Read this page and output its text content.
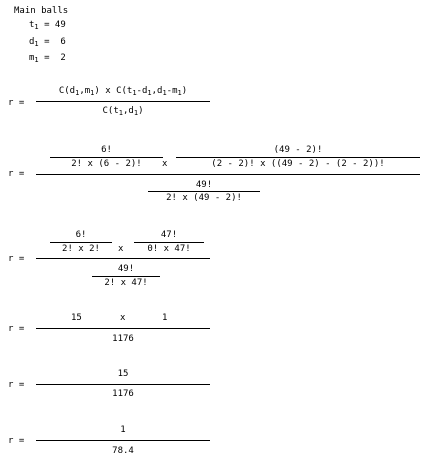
Main balls
$t_1 = 49$
$d_1 = 6$
$m_1 = 2$
r =
$C(d_1,m_1)$ x $C(t_1-d_1,d_1-m_1)$
$C(t_1,d_1)$
r =
6!
2! x (6 - 2)!	x
(49 - 2)!
(2 - 2)! x ((49 - 2) - (2 - 2))!
49!
2! x (49 - 2)!
r =
6!
2! x 2!	x
47!
0! x 47!
49!
2! x 47!
r =
15	x	1
1176
r =
15
1176
r =
1
78.4
